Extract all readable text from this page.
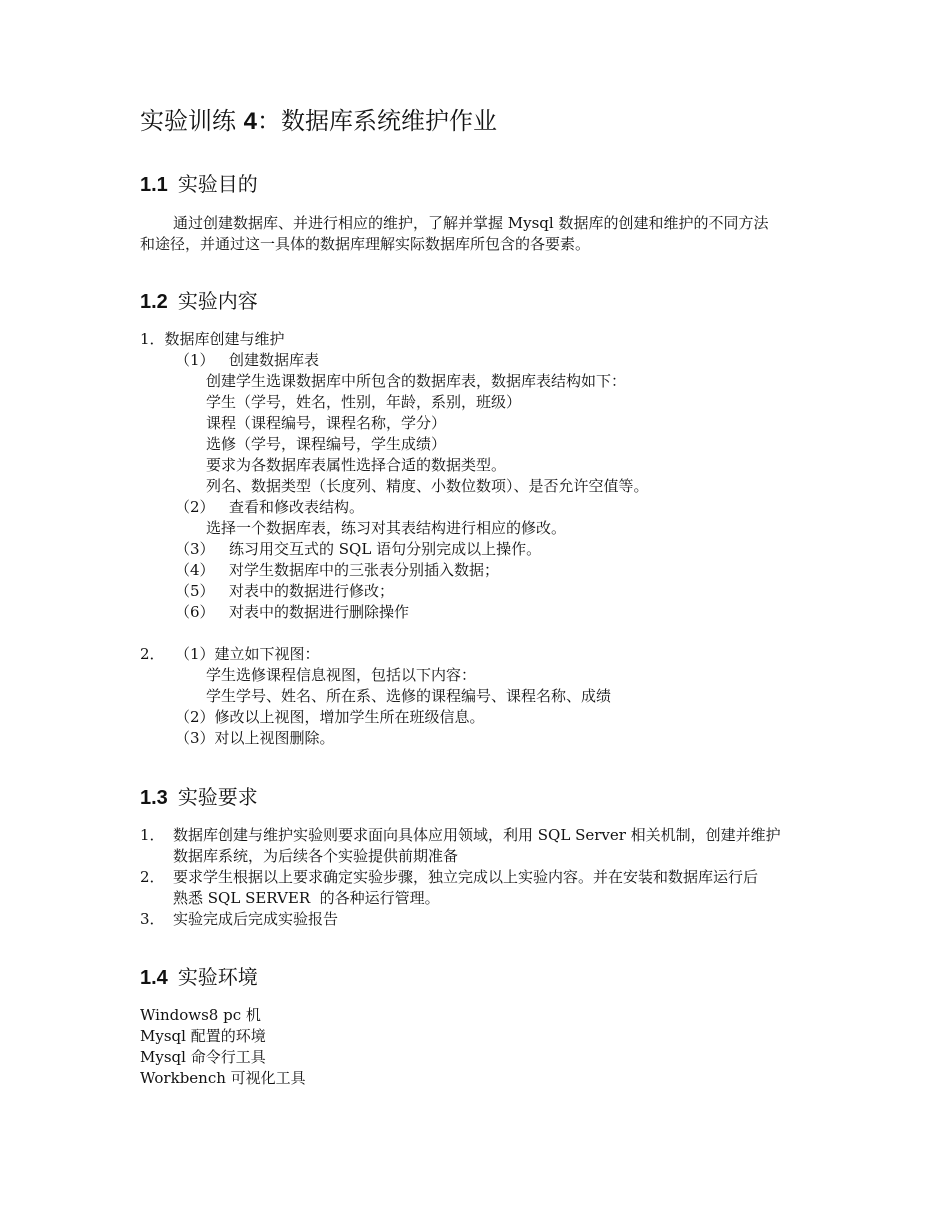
实验训练 4：数据库系统维护作业
1.1 实验目的
通过创建数据库、并进行相应的维护，了解并掌握 Mysql 数据库的创建和维护的不同方法
和途径，并通过这一具体的数据库理解实际数据库所包含的各要素。
1.2 实验内容
1．数据库创建与维护
（1） 创建数据库表
创建学生选课数据库中所包含的数据库表，数据库表结构如下：
学生（学号，姓名，性别，年龄，系别，班级）
课程（课程编号，课程名称，学分）
选修（学号，课程编号，学生成绩）
要求为各数据库表属性选择合适的数据类型。
列名、数据类型（长度列、精度、小数位数项）、是否允许空值等。
（2） 查看和修改表结构。
选择一个数据库表，练习对其表结构进行相应的修改。
（3） 练习用交互式的 SQL 语句分别完成以上操作。
（4） 对学生数据库中的三张表分别插入数据；
（5） 对表中的数据进行修改；
（6） 对表中的数据进行删除操作
2． （1）建立如下视图：
学生选修课程信息视图，包括以下内容：
学生学号、姓名、所在系、选修的课程编号、课程名称、成绩
（2）修改以上视图，增加学生所在班级信息。
（3）对以上视图删除。
1.3 实验要求
1． 数据库创建与维护实验则要求面向具体应用领域，利用 SQL Server 相关机制，创建并维护
数据库系统，为后续各个实验提供前期准备
2． 要求学生根据以上要求确定实验步骤，独立完成以上实验内容。并在安装和数据库运行后
熟悉 SQL SERVER  的各种运行管理。
3． 实验完成后完成实验报告
1.4 实验环境
Windows8 pc 机
Mysql 配置的环境
Mysql 命令行工具
Workbench 可视化工具
